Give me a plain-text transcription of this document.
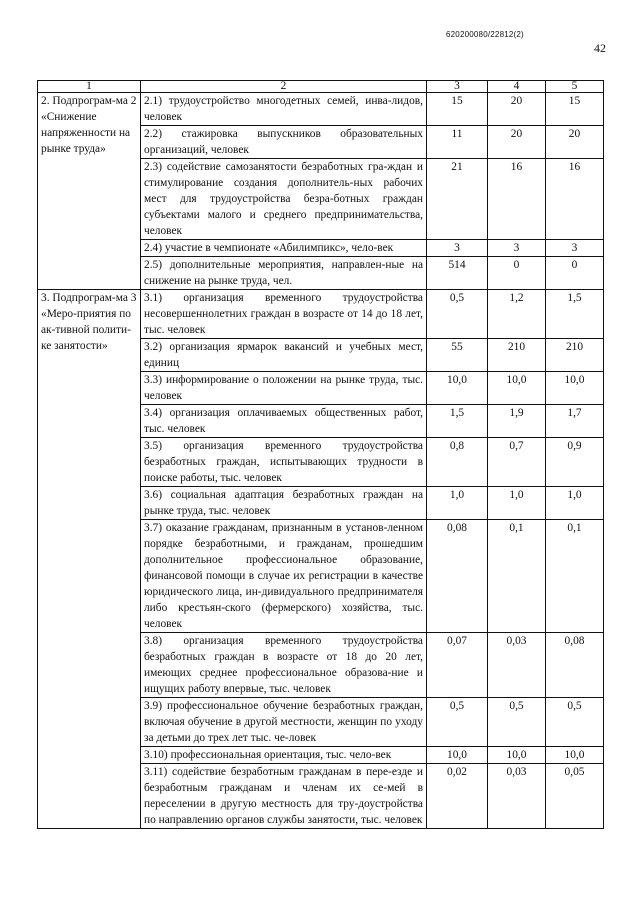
620200080/22812(2)
42
1	2	3	4	5
2. Подпрограм-ма 2 «Снижение напряженности на рынке труда»	2.1) трудоустройство многодетных семей, инва-лидов, человек	15	20	15
	2.2) стажировка выпускников образовательных организаций, человек	11	20	20
	2.3) содействие самозанятости безработных гра-ждан и стимулирование создания дополнитель-ных рабочих мест для трудоустройства безра-ботных граждан субъектами малого и среднего предпринимательства, человек	21	16	16
	2.4) участие в чемпионате «Абилимпикс», чело-век	3	3	3
	2.5) дополнительные мероприятия, направлен-ные на снижение на рынке труда, чел.	514	0	0
3. Подпрограм-ма 3 «Меро-приятия по ак-тивной полити-ке занятости»	3.1) организация временного трудоустройства несовершеннолетних граждан в возрасте от 14 до 18 лет, тыс. человек	0,5	1,2	1,5
	3.2) организация ярмарок вакансий и учебных мест, единиц	55	210	210
	3.3) информирование о положении на рынке труда, тыс. человек	10,0	10,0	10,0
	3.4) организация оплачиваемых общественных работ, тыс. человек	1,5	1,9	1,7
	3.5) организация временного трудоустройства безработных граждан, испытывающих трудности в поиске работы, тыс. человек	0,8	0,7	0,9
	3.6) социальная адаптация безработных граждан на рынке труда, тыс. человек	1,0	1,0	1,0
	3.7) оказание гражданам, признанным в установ-ленном порядке безработными, и гражданам, прошедшим дополнительное профессиональное образование, финансовой помощи в случае их регистрации в качестве юридического лица, ин-дивидуального предпринимателя либо крестьян-ского (фермерского) хозяйства, тыс. человек	0,08	0,1	0,1
	3.8) организация временного трудоустройства безработных граждан в возрасте от 18 до 20 лет, имеющих среднее профессиональное образова-ние и ищущих работу впервые, тыс. человек	0,07	0,03	0,08
	3.9) профессиональное обучение безработных граждан, включая обучение в другой местности, женщин по уходу за детьми до трех лет тыс. че-ловек	0,5	0,5	0,5
	3.10) профессиональная ориентация, тыс. чело-век	10,0	10,0	10,0
	3.11) содействие безработным гражданам в пере-езде и безработным гражданам и членам их се-мей в переселении в другую местность для тру-доустройства по направлению органов службы занятости, тыс. человек	0,02	0,03	0,05
